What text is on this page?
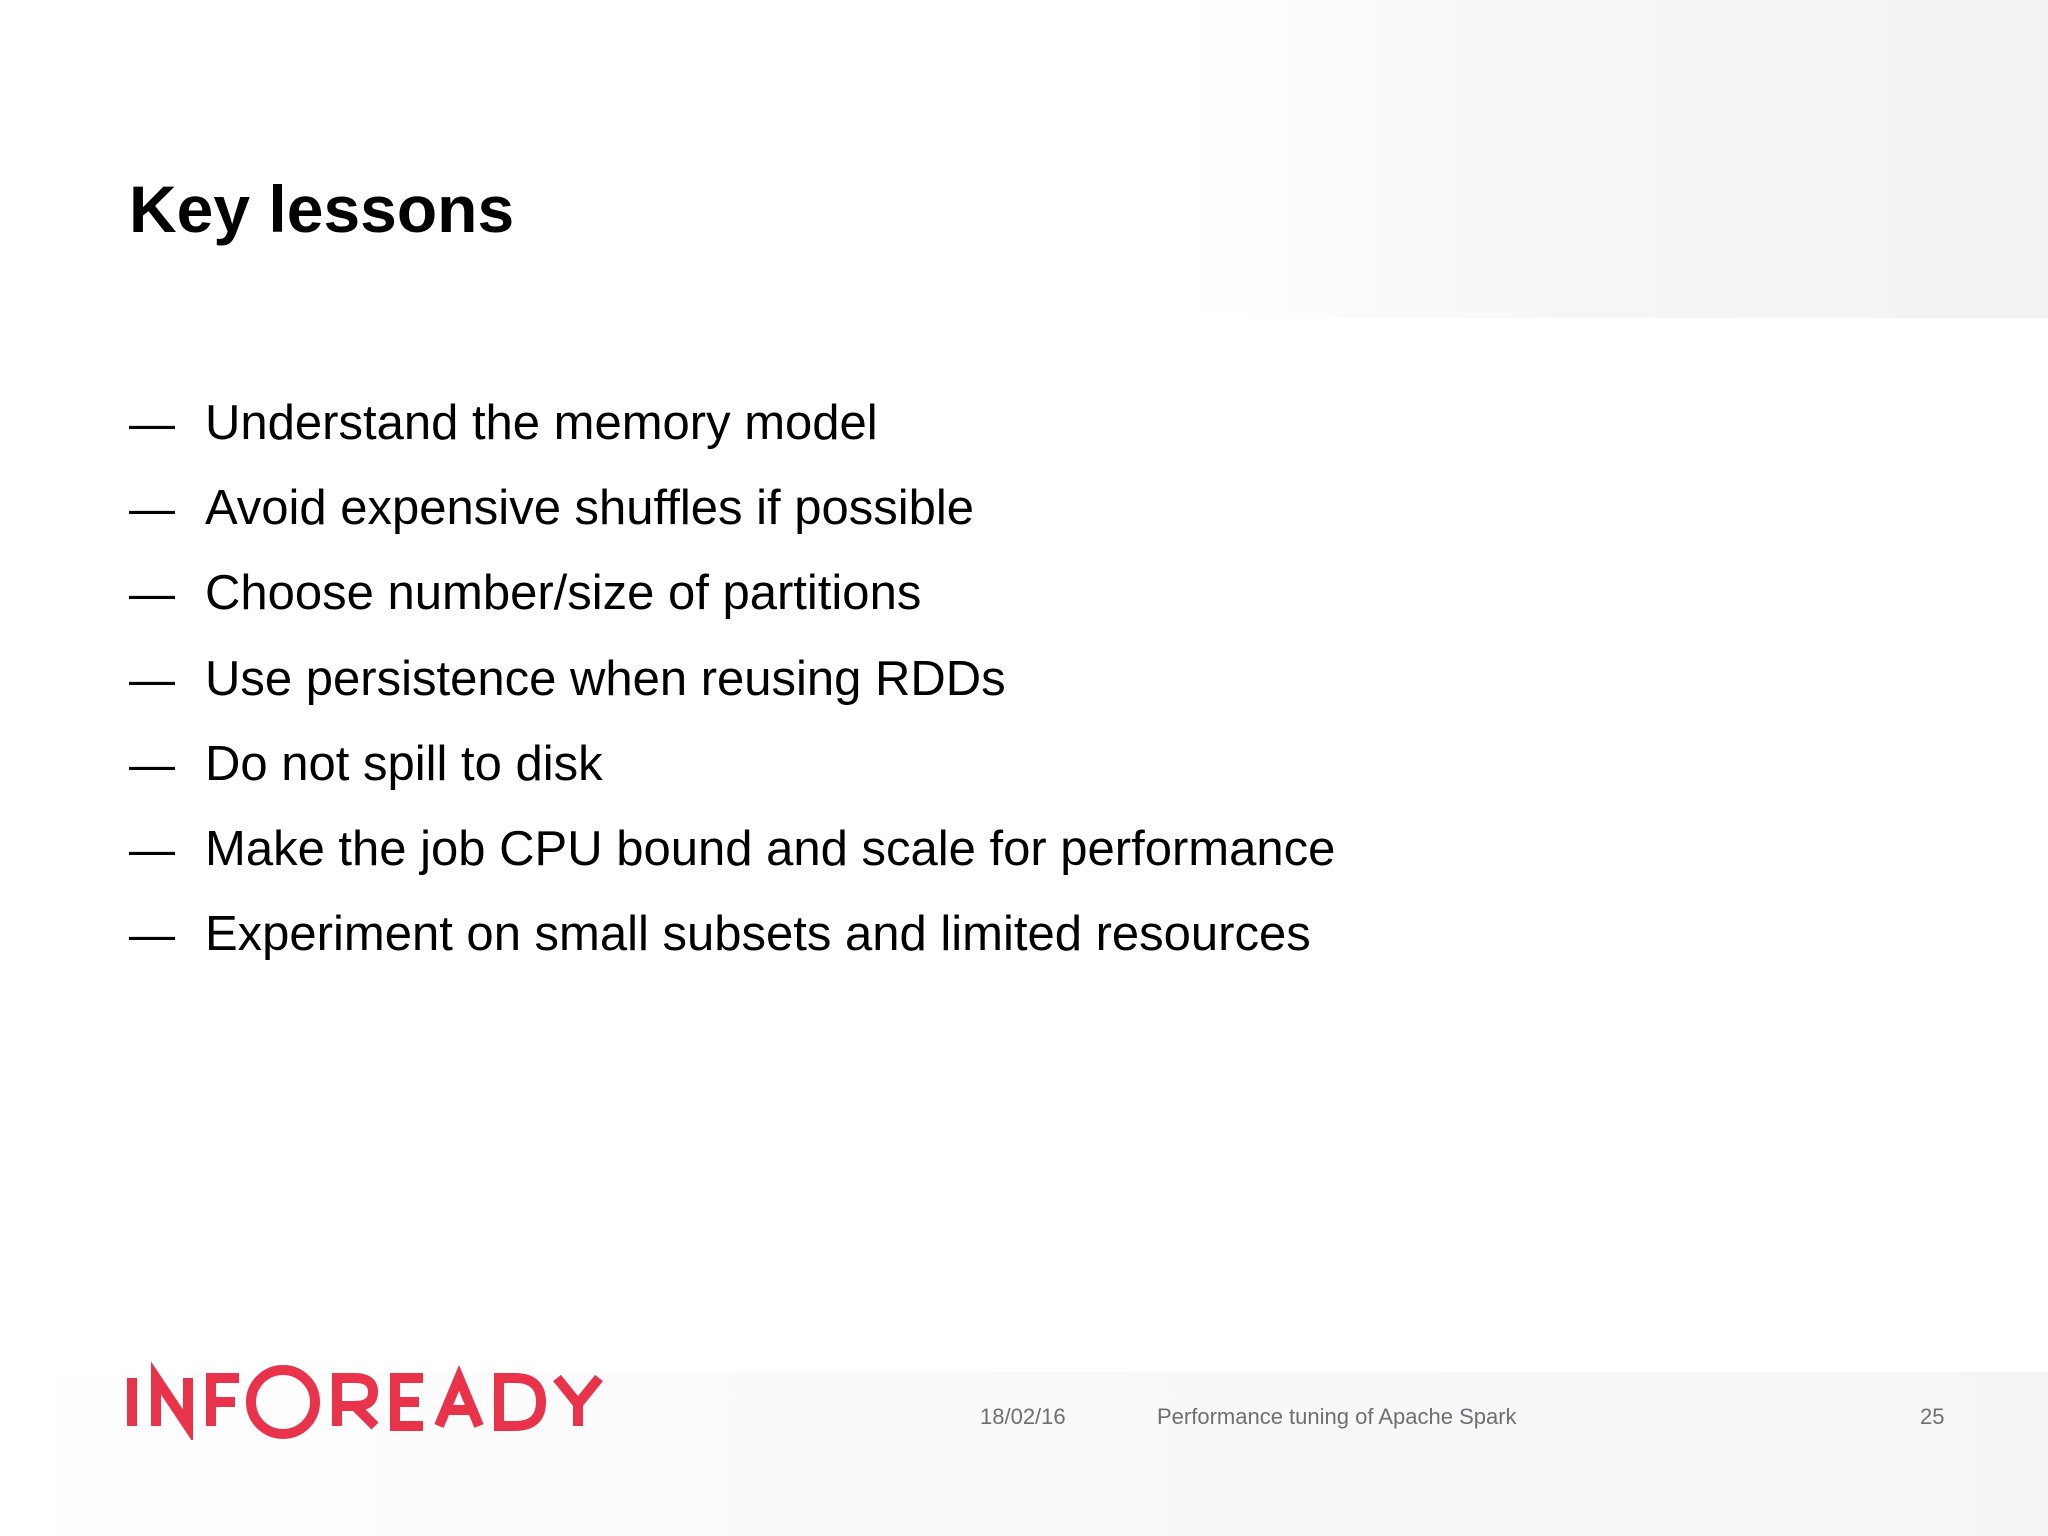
Key lessons
— Understand the memory model
— Avoid expensive shuffles if possible
— Choose number/size of partitions
— Use persistence when reusing RDDs
— Do not spill to disk
— Make the job CPU bound and scale for performance
— Experiment on small subsets and limited resources
18/02/16	Performance tuning of Apache Spark	25
